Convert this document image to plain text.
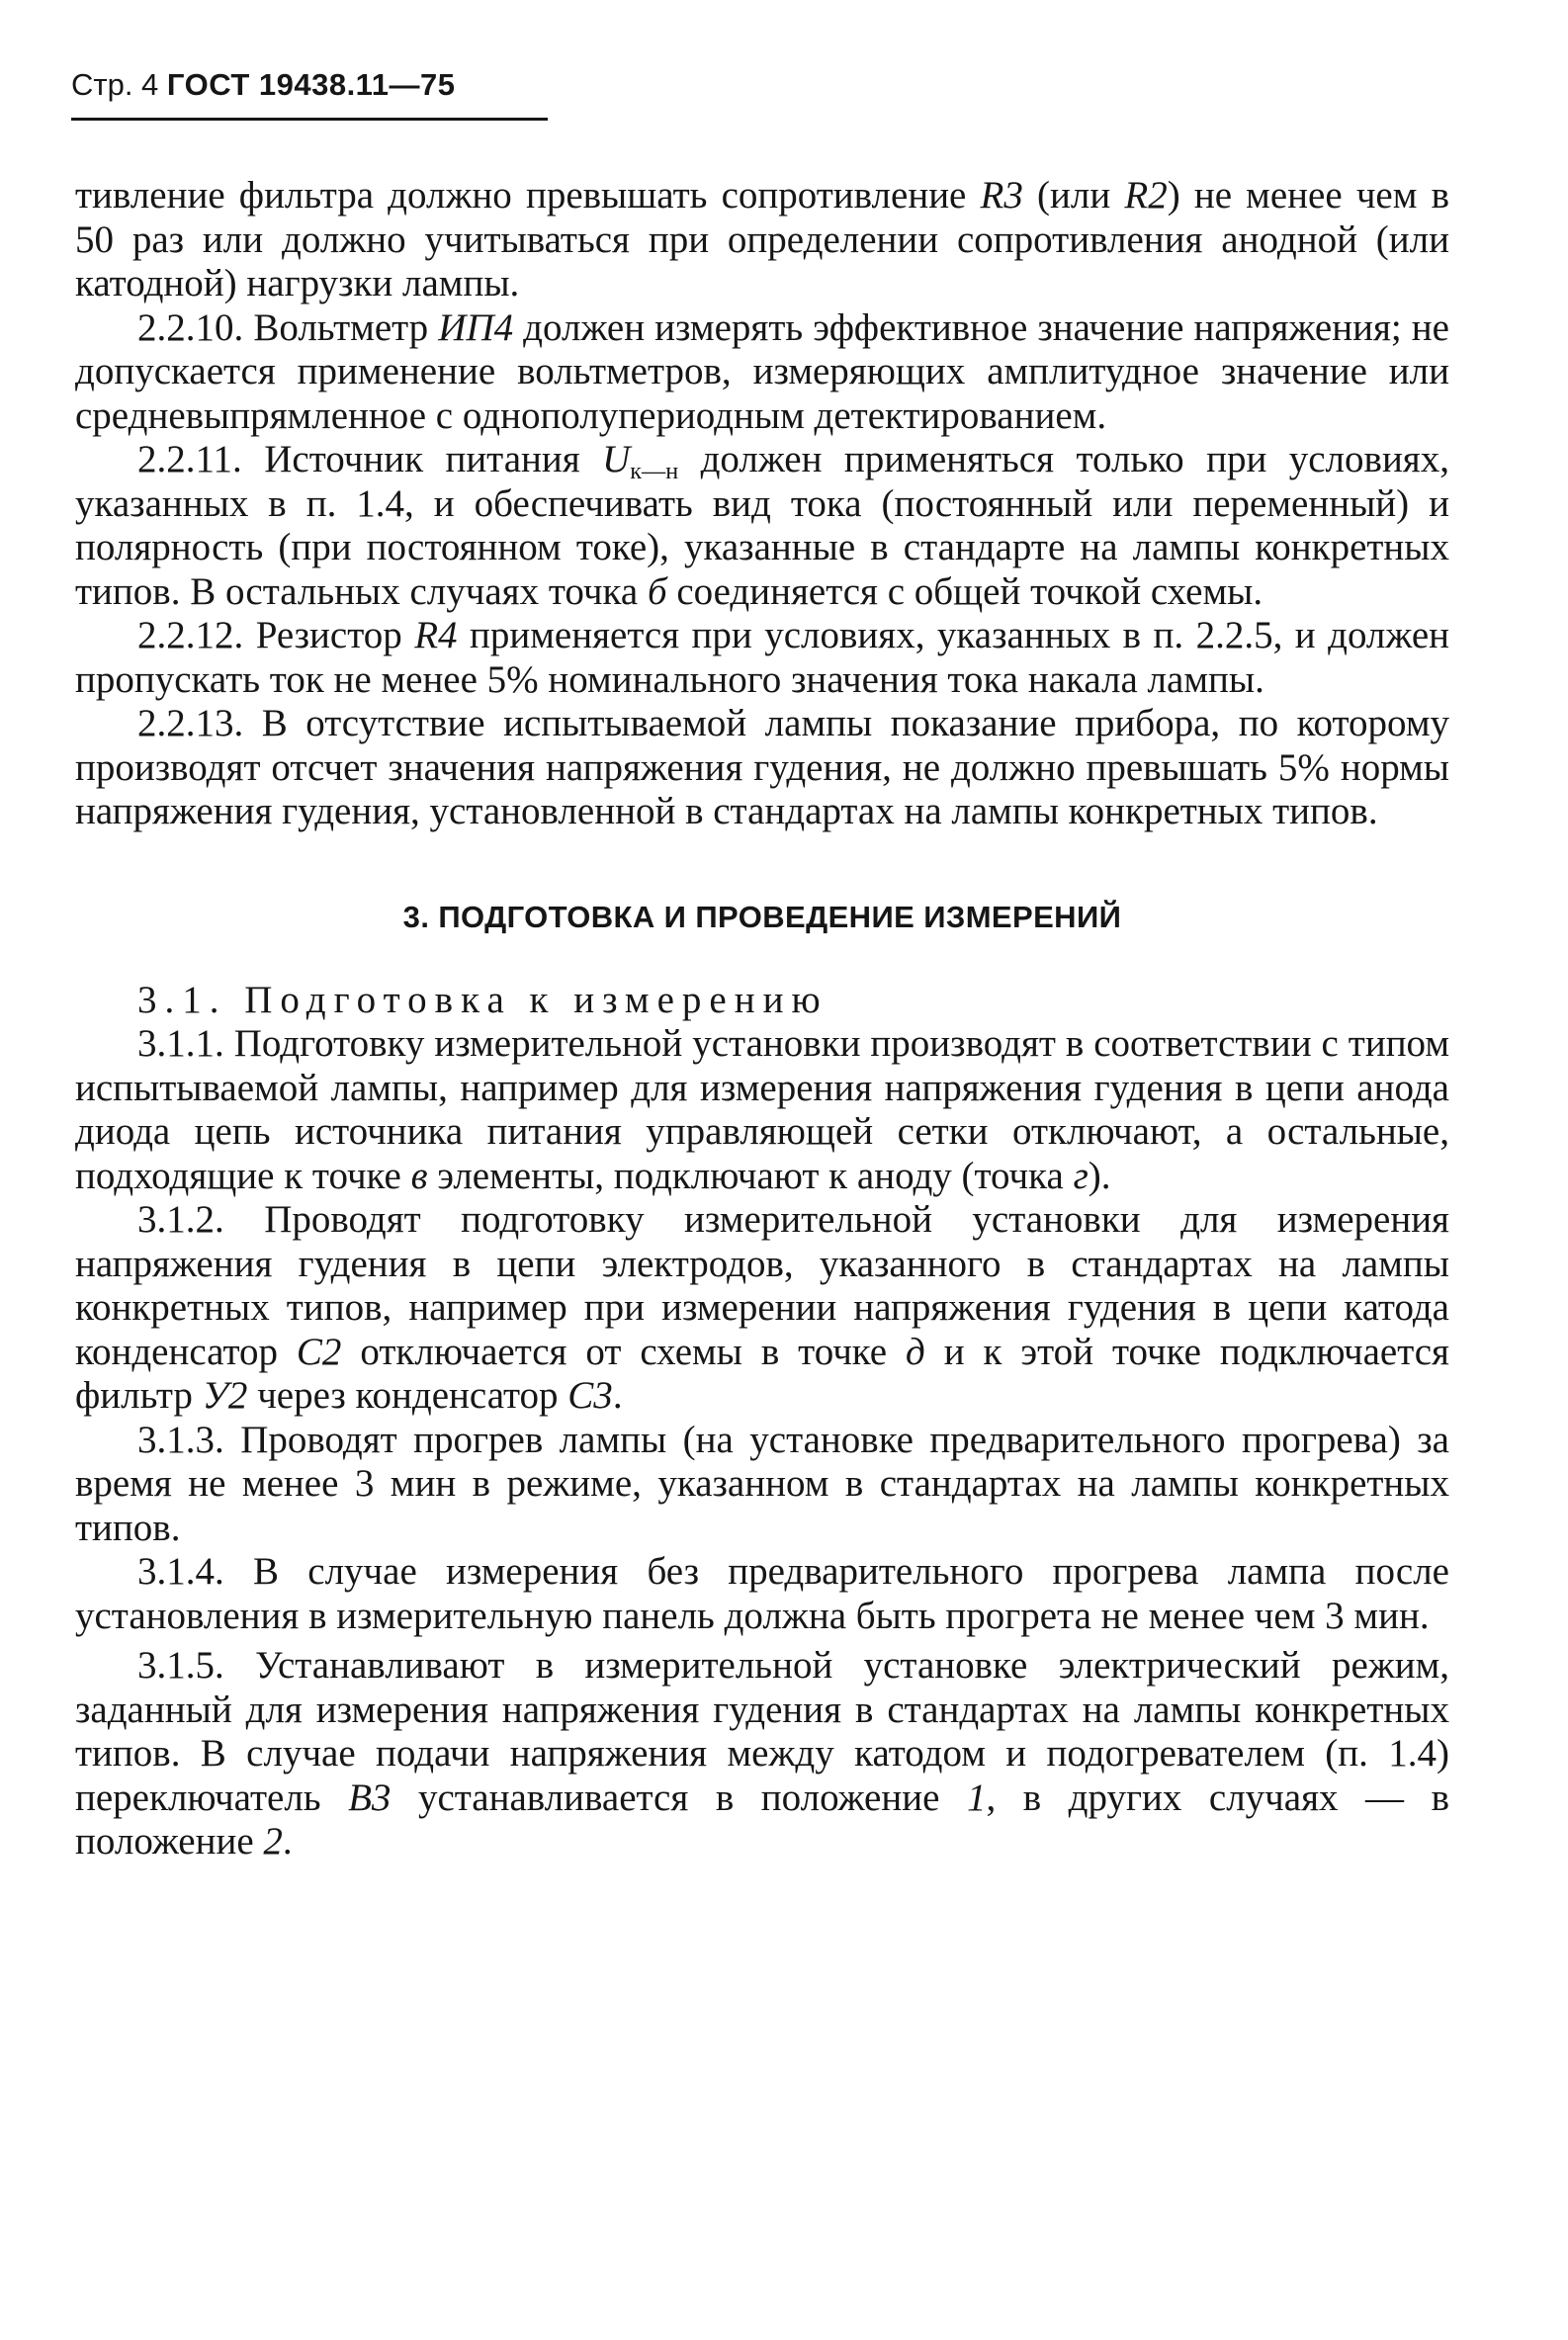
Стр. 4 ГОСТ 19438.11—75

тивление фильтра должно превышать сопротивление R3 (или R2) не менее чем в 50 раз или должно учитываться при определении сопротивления анодной (или катодной) нагрузки лампы.

2.2.10. Вольтметр ИП4 должен измерять эффективное значение напряжения; не допускается применение вольтметров, измеряющих амплитудное значение или средневыпрямленное с однополупериодным детектированием.

2.2.11. Источник питания $U_{к—н}$ должен применяться только при условиях, указанных в п. 1.4, и обеспечивать вид тока (постоянный или переменный) и полярность (при постоянном токе), указанные в стандарте на лампы конкретных типов. В остальных случаях точка б соединяется с общей точкой схемы.

2.2.12. Резистор R4 применяется при условиях, указанных в п. 2.2.5, и должен пропускать ток не менее 5% номинального значения тока накала лампы.

2.2.13. В отсутствие испытываемой лампы показание прибора, по которому производят отсчет значения напряжения гудения, не должно превышать 5% нормы напряжения гудения, установленной в стандартах на лампы конкретных типов.

3. ПОДГОТОВКА И ПРОВЕДЕНИЕ ИЗМЕРЕНИЙ

3.1. Подготовка к измерению

3.1.1. Подготовку измерительной установки производят в соответствии с типом испытываемой лампы, например для измерения напряжения гудения в цепи анода диода цепь источника питания управляющей сетки отключают, а остальные, подходящие к точке в элементы, подключают к аноду (точка г).

3.1.2. Проводят подготовку измерительной установки для измерения напряжения гудения в цепи электродов, указанного в стандартах на лампы конкретных типов, например при измерении напряжения гудения в цепи катода конденсатор С2 отключается от схемы в точке д и к этой точке подключается фильтр У2 через конденсатор С3.

3.1.3. Проводят прогрев лампы (на установке предварительного прогрева) за время не менее 3 мин в режиме, указанном в стандартах на лампы конкретных типов.

3.1.4. В случае измерения без предварительного прогрева лампа после установления в измерительную панель должна быть прогрета не менее чем 3 мин.

3.1.5. Устанавливают в измерительной установке электрический режим, заданный для измерения напряжения гудения в стандартах на лампы конкретных типов. В случае подачи напряжения между катодом и подогревателем (п. 1.4) переключатель В3 устанавливается в положение 1, в других случаях — в положение 2.
